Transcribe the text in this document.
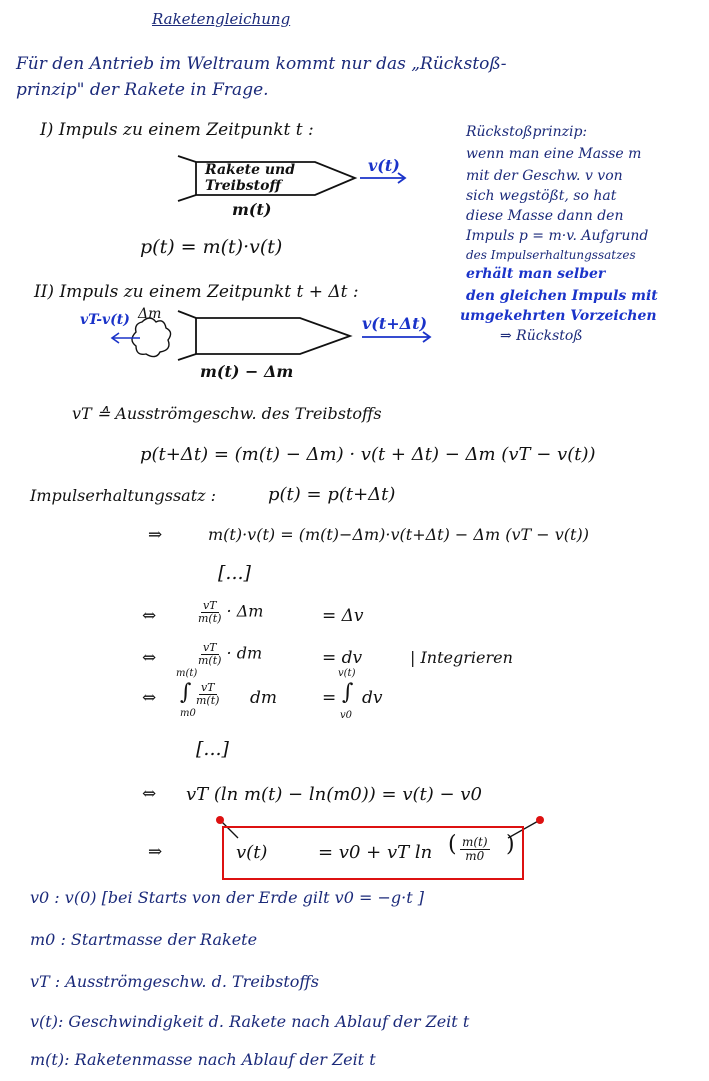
Raketengleichung
Für den Antrieb im Weltraum kommt nur das „Rückstoß-
prinzip" der Rakete in Frage.
I) Impuls zu einem Zeitpunkt t :
Rakete und
Treibstoff
m(t)
v(t)
p(t) = m(t)·v(t)
II) Impuls zu einem Zeitpunkt t + Δt :
vT-v(t) Δm	v(t+Δt)
m(t) − Δm
Rückstoßprinzip:
wenn man eine Masse m
mit der Geschw. v von
sich wegstößt, so hat
diese Masse dann den
Impuls p = m·v. Aufgrund
des Impulserhaltungssatzes
erhält man selber
den gleichen Impuls mit
umgekehrten Vorzeichen
⇒ Rückstoß
vT ≙ Ausströmgeschw. des Treibstoffs
p(t+Δt) = (m(t) − Δm) · v(t + Δt) − Δm (vT − v(t))
Impulserhaltungssatz :	p(t) = p(t+Δt)
⇒	m(t)·v(t) = (m(t)−Δm)·v(t+Δt) − Δm (vT − v(t))
[...]
⇔	$\frac{vT}{m(t)} \cdot \Delta m$	= Δv
⇔	$\frac{vT}{m(t)}$ · dm	= dv	| Integrieren
⇔
m(t)
∫
m0
$\frac{vT}{m(t)}$ dm	=
v(t)
∫
v0
dv
[...]
⇔ vT (ln m(t) − ln(m0)) = v(t) − v0
⇒	v(t)	= v0 + vT ln ( $\frac{m(t)}{m0}$ )
v0 : v(0) [bei Starts von der Erde gilt v0 = −g·t ]
m0 : Startmasse der Rakete
vT : Ausströmgeschw. d. Treibstoffs
v(t): Geschwindigkeit d. Rakete nach Ablauf der Zeit t
m(t): Raketenmasse nach Ablauf der Zeit t
